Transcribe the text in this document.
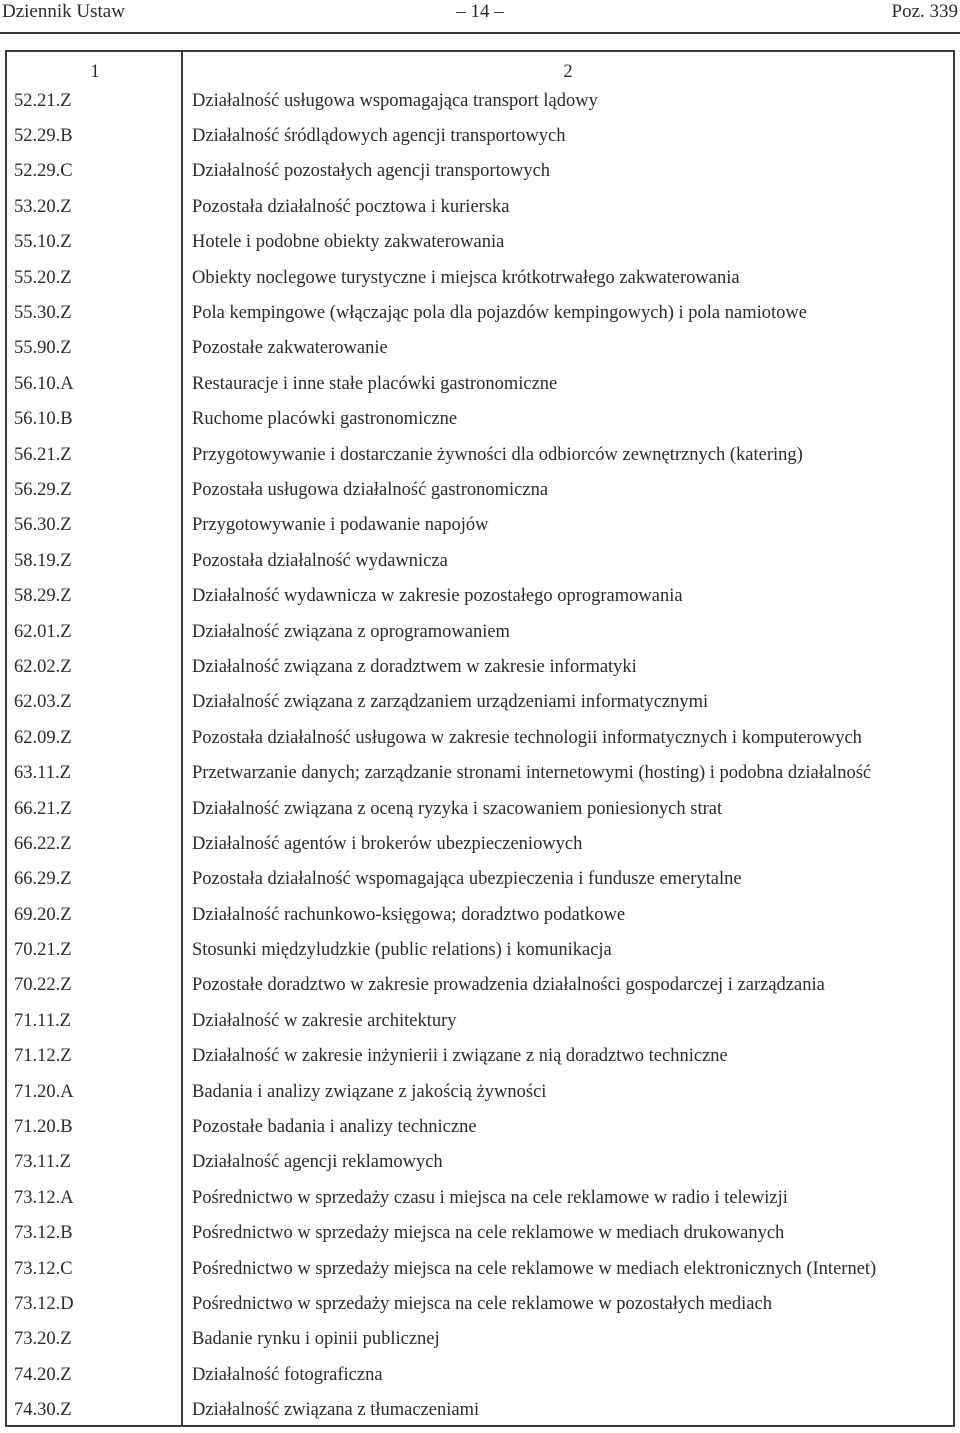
Dziennik Ustaw	– 14 –	Poz. 339
1	2
52.21.Z	Działalność usługowa wspomagająca transport lądowy
52.29.B	Działalność śródlądowych agencji transportowych
52.29.C	Działalność pozostałych agencji transportowych
53.20.Z	Pozostała działalność pocztowa i kurierska
55.10.Z	Hotele i podobne obiekty zakwaterowania
55.20.Z	Obiekty noclegowe turystyczne i miejsca krótkotrwałego zakwaterowania
55.30.Z	Pola kempingowe (włączając pola dla pojazdów kempingowych) i pola namiotowe
55.90.Z	Pozostałe zakwaterowanie
56.10.A	Restauracje i inne stałe placówki gastronomiczne
56.10.B	Ruchome placówki gastronomiczne
56.21.Z	Przygotowywanie i dostarczanie żywności dla odbiorców zewnętrznych (katering)
56.29.Z	Pozostała usługowa działalność gastronomiczna
56.30.Z	Przygotowywanie i podawanie napojów
58.19.Z	Pozostała działalność wydawnicza
58.29.Z	Działalność wydawnicza w zakresie pozostałego oprogramowania
62.01.Z	Działalność związana z oprogramowaniem
62.02.Z	Działalność związana z doradztwem w zakresie informatyki
62.03.Z	Działalność związana z zarządzaniem urządzeniami informatycznymi
62.09.Z	Pozostała działalność usługowa w zakresie technologii informatycznych i komputerowych
63.11.Z	Przetwarzanie danych; zarządzanie stronami internetowymi (hosting) i podobna działalność
66.21.Z	Działalność związana z oceną ryzyka i szacowaniem poniesionych strat
66.22.Z	Działalność agentów i brokerów ubezpieczeniowych
66.29.Z	Pozostała działalność wspomagająca ubezpieczenia i fundusze emerytalne
69.20.Z	Działalność rachunkowo-księgowa; doradztwo podatkowe
70.21.Z	Stosunki międzyludzkie (public relations) i komunikacja
70.22.Z	Pozostałe doradztwo w zakresie prowadzenia działalności gospodarczej i zarządzania
71.11.Z	Działalność w zakresie architektury
71.12.Z	Działalność w zakresie inżynierii i związane z nią doradztwo techniczne
71.20.A	Badania i analizy związane z jakością żywności
71.20.B	Pozostałe badania i analizy techniczne
73.11.Z	Działalność agencji reklamowych
73.12.A	Pośrednictwo w sprzedaży czasu i miejsca na cele reklamowe w radio i telewizji
73.12.B	Pośrednictwo w sprzedaży miejsca na cele reklamowe w mediach drukowanych
73.12.C	Pośrednictwo w sprzedaży miejsca na cele reklamowe w mediach elektronicznych (Internet)
73.12.D	Pośrednictwo w sprzedaży miejsca na cele reklamowe w pozostałych mediach
73.20.Z	Badanie rynku i opinii publicznej
74.20.Z	Działalność fotograficzna
74.30.Z	Działalność związana z tłumaczeniami
